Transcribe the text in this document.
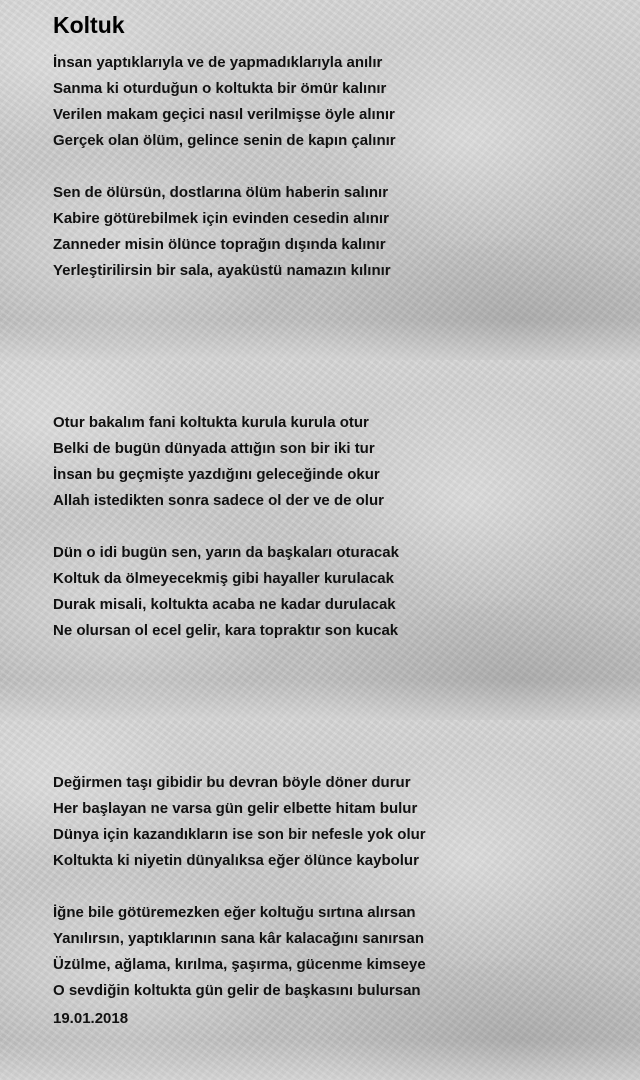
Koltuk
İnsan yaptıklarıyla ve de yapmadıklarıyla anılır
Sanma ki oturduğun o koltukta bir ömür kalınır
Verilen makam geçici nasıl verilmişse öyle alınır
Gerçek olan ölüm, gelince senin de kapın çalınır
Sen de ölürsün, dostlarına ölüm haberin salınır
Kabire götürebilmek için evinden cesedin alınır
Zanneder misin ölünce toprağın dışında kalınır
Yerleştirilirsin bir sala, ayaküstü namazın kılınır
Otur bakalım fani koltukta kurula kurula otur
Belki de bugün dünyada attığın son bir iki tur
İnsan bu geçmişte yazdığını geleceğinde okur
Allah istedikten sonra sadece ol der ve de olur
Dün o idi bugün sen, yarın da başkaları oturacak
Koltuk da ölmeyecekmiş gibi hayaller kurulacak
Durak misali, koltukta acaba ne kadar durulacak
Ne olursan ol ecel gelir, kara topraktır son kucak
Değirmen taşı gibidir bu devran böyle döner durur
Her başlayan ne varsa gün gelir elbette hitam bulur
Dünya için kazandıkların ise son bir nefesle yok olur
Koltukta ki niyetin dünyalıksa eğer ölünce kaybolur
İğne bile götüremezken eğer koltuğu sırtına alırsan
Yanılırsın, yaptıklarının sana kâr kalacağını sanırsan
Üzülme, ağlama, kırılma, şaşırma, gücenme kimseye
O sevdiğin koltukta gün gelir de başkasını bulursan
19.01.2018
